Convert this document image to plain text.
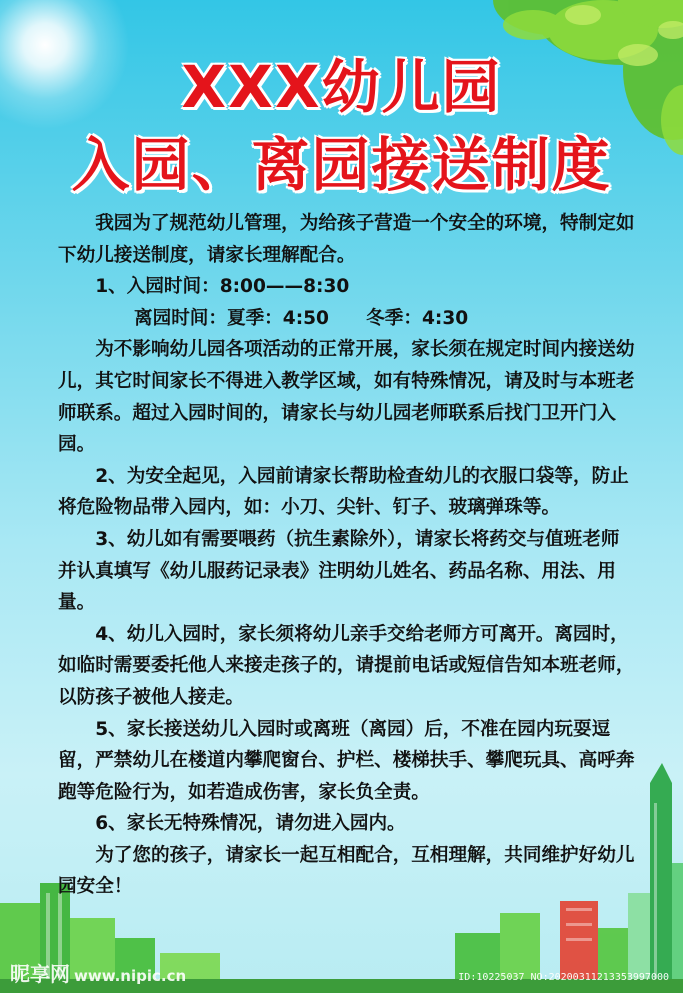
XXX幼儿园
入园、离园接送制度

我园为了规范幼儿管理，为给孩子营造一个安全的环境，特制定如下幼儿接送制度，请家长理解配合。

1、入园时间：8:00——8:30

离园时间：夏季：4:50　　冬季：4:30

为不影响幼儿园各项活动的正常开展，家长须在规定时间内接送幼儿，其它时间家长不得进入教学区域，如有特殊情况，请及时与本班老师联系。超过入园时间的，请家长与幼儿园老师联系后找门卫开门入园。

2、为安全起见，入园前请家长帮助检查幼儿的衣服口袋等，防止将危险物品带入园内，如：小刀、尖针、钉子、玻璃弹珠等。

3、幼儿如有需要喂药（抗生素除外），请家长将药交与值班老师并认真填写《幼儿服药记录表》注明幼儿姓名、药品名称、用法、用量。

4、幼儿入园时，家长须将幼儿亲手交给老师方可离开。离园时，如临时需要委托他人来接走孩子的，请提前电话或短信告知本班老师，以防孩子被他人接走。

5、家长接送幼儿入园时或离班（离园）后，不准在园内玩耍逗留，严禁幼儿在楼道内攀爬窗台、护栏、楼梯扶手、攀爬玩具、高呼奔跑等危险行为，如若造成伤害，家长负全责。

6、家长无特殊情况，请勿进入园内。

为了您的孩子，请家长一起互相配合，互相理解，共同维护好幼儿园安全！

昵享网 www.nipic.cn	ID:10225037 NO:20200311213353997000
